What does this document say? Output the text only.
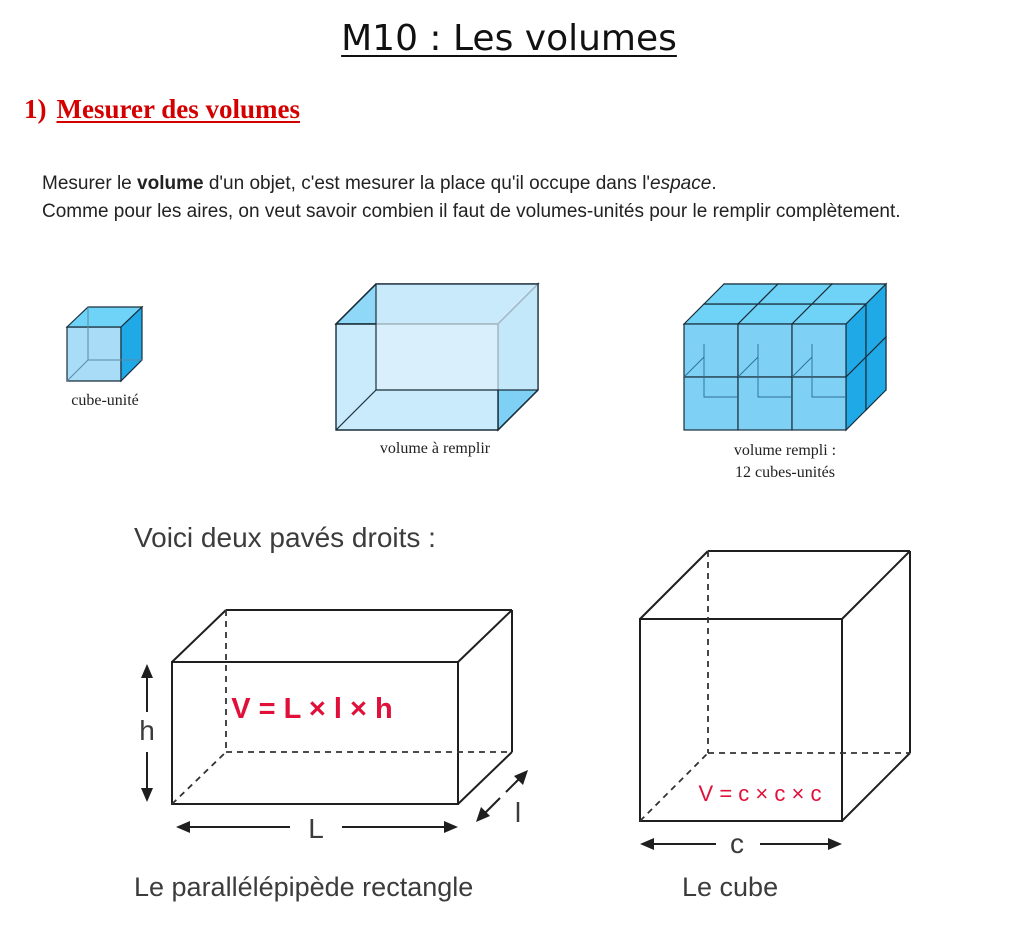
M10 : Les volumes
1) Mesurer des volumes
Mesurer le volume d'un objet, c'est mesurer la place qu'il occupe dans l'espace.
Comme pour les aires, on veut savoir combien il faut de volumes-unités pour le remplir complètement.
cube-unité
volume à remplir	volume rempli :
12 cubes-unités
Voici deux pavés droits :
h
L
l
V = L × l × h
Le parallélépipède rectangle
V = c × c × c
c
Le cube
